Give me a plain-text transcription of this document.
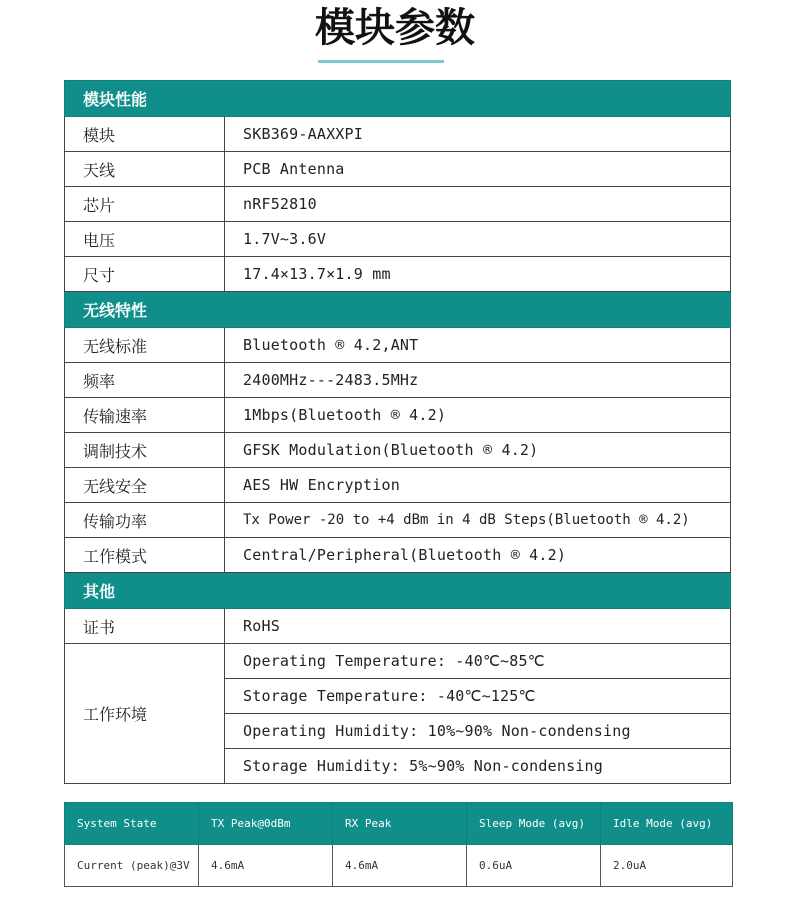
模块参数
模块性能	
模块	SKB369-AAXXPI
天线	PCB Antenna
芯片	nRF52810
电压	1.7V~3.6V
尺寸	17.4×13.7×1.9 mm
无线特性	
无线标准	Bluetooth ® 4.2,ANT
频率	2400MHz---2483.5MHz
传输速率	1Mbps(Bluetooth ® 4.2)
调制技术	GFSK Modulation(Bluetooth ® 4.2)
无线安全	AES HW Encryption
传输功率	Tx Power -20 to +4 dBm in 4 dB Steps(Bluetooth ® 4.2)
工作模式	Central/Peripheral(Bluetooth ® 4.2)
其他	
证书	RoHS
工作环境	Operating Temperature: -40℃~85℃
	Storage Temperature: -40℃~125℃
	Operating Humidity: 10%~90% Non-condensing
	Storage Humidity: 5%~90% Non-condensing
System State	TX Peak@0dBm	RX Peak	Sleep Mode (avg)	Idle Mode (avg)
Current (peak)@3V	4.6mA	4.6mA	0.6uA	2.0uA
